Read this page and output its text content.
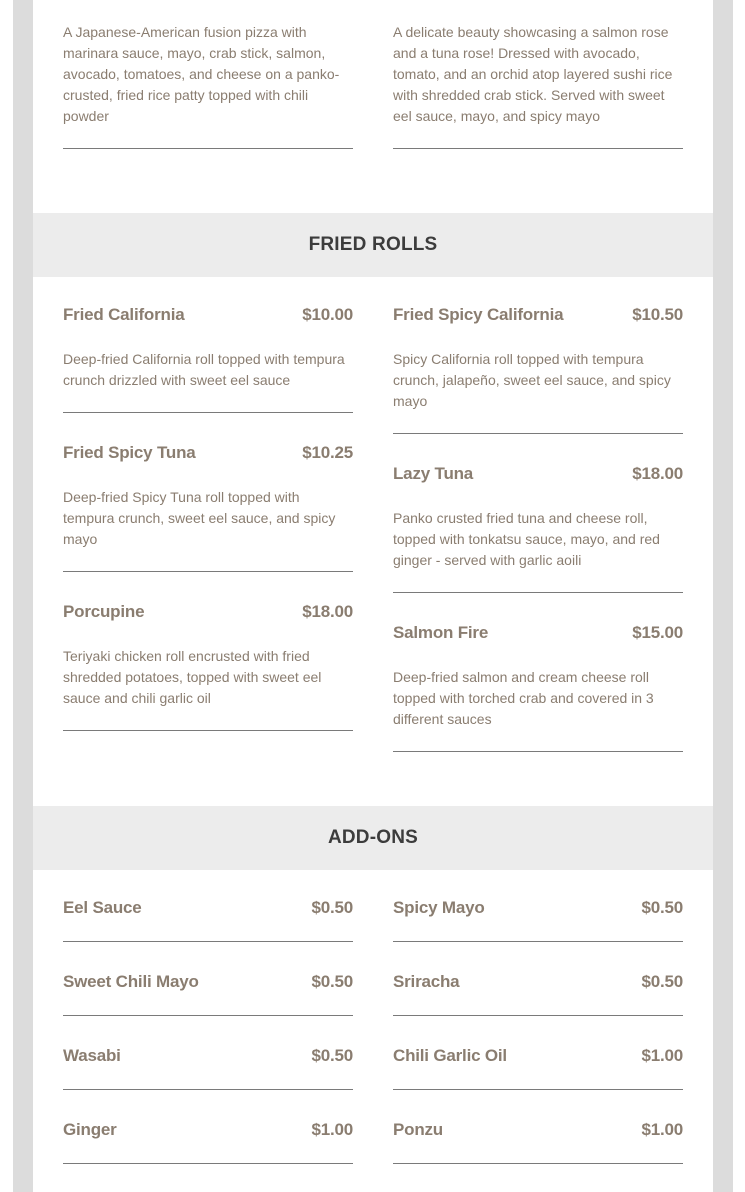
A Japanese-American fusion pizza with marinara sauce, mayo, crab stick, salmon, avocado, tomatoes, and cheese on a panko-crusted, fried rice patty topped with chili powder

A delicate beauty showcasing a salmon rose and a tuna rose! Dressed with avocado, tomato, and an orchid atop layered sushi rice with shredded crab stick. Served with sweet eel sauce, mayo, and spicy mayo

FRIED ROLLS
Fried California	$10.00

Deep-fried California roll topped with tempura crunch drizzled with sweet eel sauce

Fried Spicy Tuna	$10.25

Deep-fried Spicy Tuna roll topped with tempura crunch, sweet eel sauce, and spicy mayo

Porcupine	$18.00

Teriyaki chicken roll encrusted with fried shredded potatoes, topped with sweet eel sauce and chili garlic oil

Fried Spicy California	$10.50

Spicy California roll topped with tempura crunch, jalapeño, sweet eel sauce, and spicy mayo

Lazy Tuna	$18.00

Panko crusted fried tuna and cheese roll, topped with tonkatsu sauce, mayo, and red ginger - served with garlic aoili

Salmon Fire	$15.00

Deep-fried salmon and cream cheese roll topped with torched crab and covered in 3 different sauces

ADD-ONS
Eel Sauce	$0.50
Sweet Chili Mayo	$0.50
Wasabi	$0.50
Ginger	$1.00
Spicy Mayo	$0.50
Sriracha	$0.50
Chili Garlic Oil	$1.00
Ponzu	$1.00
